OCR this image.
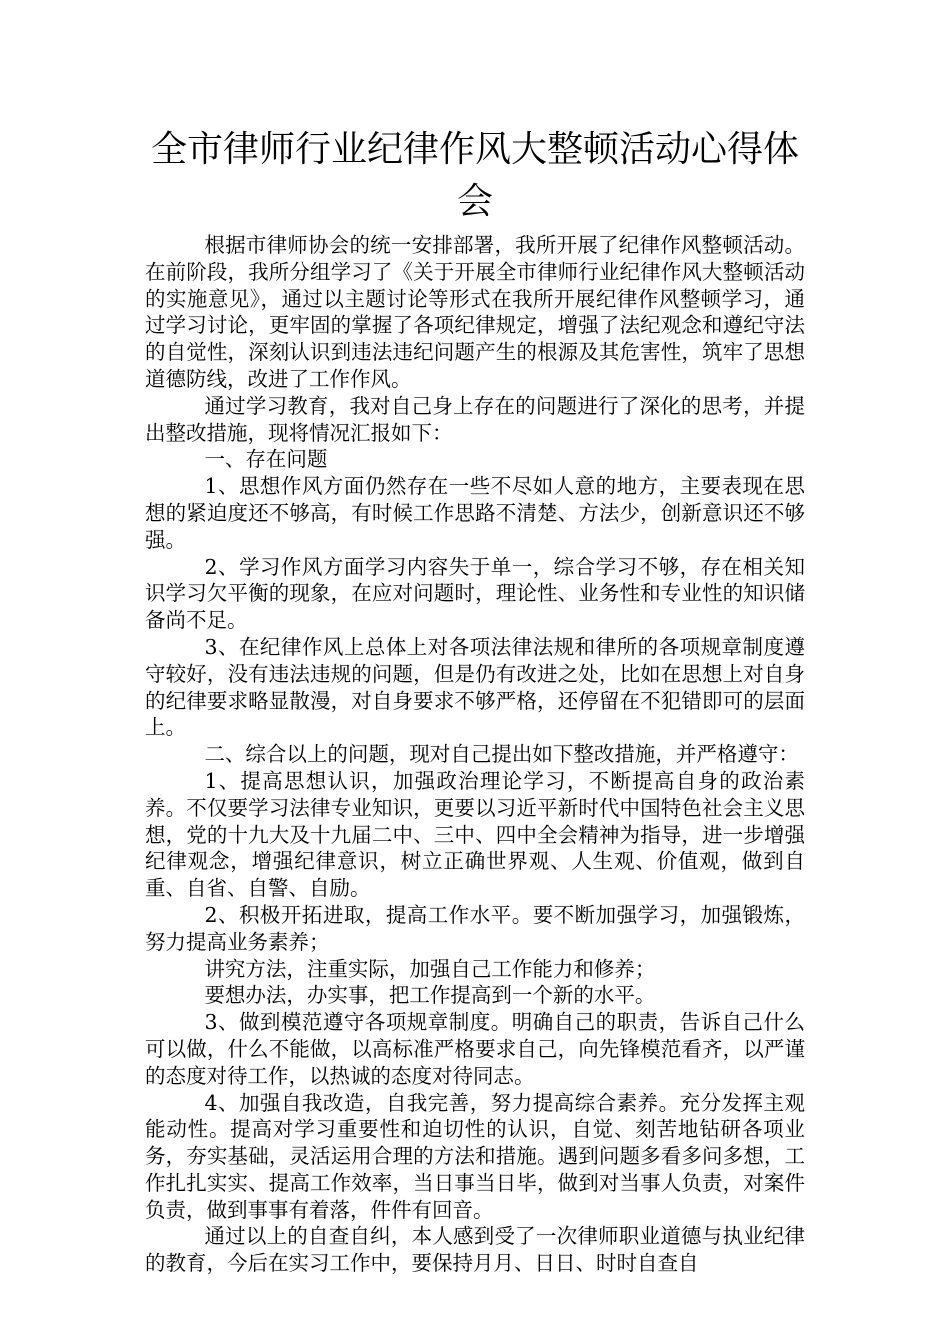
全市律师行业纪律作风大整顿活动心得体会

根据市律师协会的统一安排部署，我所开展了纪律作风整顿活动。在前阶段，我所分组学习了《关于开展全市律师行业纪律作风大整顿活动的实施意见》，通过以主题讨论等形式在我所开展纪律作风整顿学习，通过学习讨论，更牢固的掌握了各项纪律规定，增强了法纪观念和遵纪守法的自觉性，深刻认识到违法违纪问题产生的根源及其危害性，筑牢了思想道德防线，改进了工作作风。

通过学习教育，我对自己身上存在的问题进行了深化的思考，并提出整改措施，现将情况汇报如下：

一、存在问题

1、思想作风方面仍然存在一些不尽如人意的地方，主要表现在思想的紧迫度还不够高，有时候工作思路不清楚、方法少，创新意识还不够强。

2、学习作风方面学习内容失于单一，综合学习不够，存在相关知识学习欠平衡的现象，在应对问题时，理论性、业务性和专业性的知识储备尚不足。

3、在纪律作风上总体上对各项法律法规和律所的各项规章制度遵守较好，没有违法违规的问题，但是仍有改进之处，比如在思想上对自身的纪律要求略显散漫，对自身要求不够严格，还停留在不犯错即可的层面上。

二、综合以上的问题，现对自己提出如下整改措施，并严格遵守：

1、提高思想认识，加强政治理论学习，不断提高自身的政治素养。不仅要学习法律专业知识，更要以习近平新时代中国特色社会主义思想，党的十九大及十九届二中、三中、四中全会精神为指导，进一步增强纪律观念，增强纪律意识，树立正确世界观、人生观、价值观，做到自重、自省、自警、自励。

2、积极开拓进取，提高工作水平。要不断加强学习，加强锻炼，努力提高业务素养；

讲究方法，注重实际，加强自己工作能力和修养；

要想办法，办实事，把工作提高到一个新的水平。

3、做到模范遵守各项规章制度。明确自己的职责，告诉自己什么可以做，什么不能做，以高标准严格要求自己，向先锋模范看齐，以严谨的态度对待工作，以热诚的态度对待同志。

4、加强自我改造，自我完善，努力提高综合素养。充分发挥主观能动性。提高对学习重要性和迫切性的认识，自觉、刻苦地钻研各项业务，夯实基础，灵活运用合理的方法和措施。遇到问题多看多问多想，工作扎扎实实、提高工作效率，当日事当日毕，做到对当事人负责，对案件负责，做到事事有着落，件件有回音。

通过以上的自查自纠，本人感到受了一次律师职业道德与执业纪律的教育，今后在实习工作中，要保持月月、日日、时时自查自
